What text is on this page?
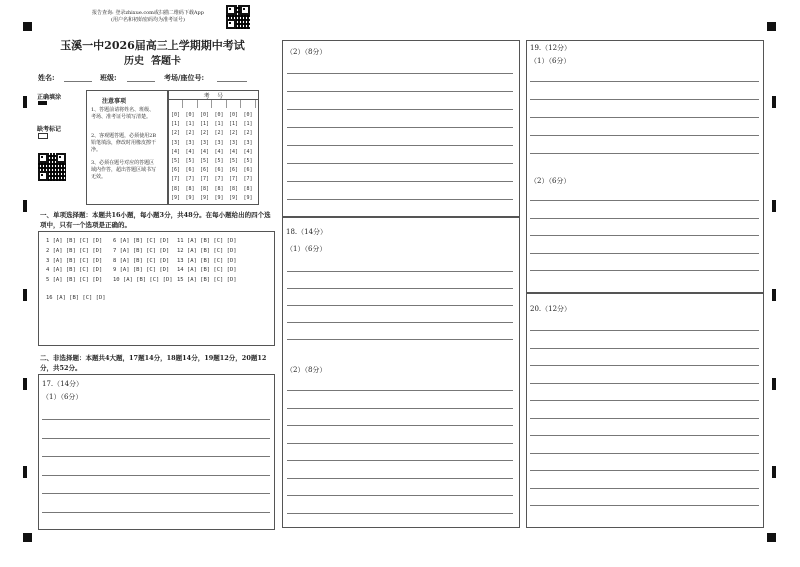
报告查询: 登录zhixue.com或扫描二维码下载App
(用户名和初始密码均为准考证号)
玉溪一中2026届高三上学期期中考试
历史  答题卡
姓名:	班级:	考场/座位号:
正确填涂
缺考标记
注意事项
1、答题前请将姓名、班级、考场、准考证号填写清楚。
2、客观题答题，必须使用2B铅笔填涂，修改时用橡皮擦干净。
3、必须在题号对应的答题区域内作答，超出答题区域书写无效。
考    号
[0]
[1]
[2]
[3]
[4]
[5]
[6]
[7]
[8]
[9]
[0]
[1]
[2]
[3]
[4]
[5]
[6]
[7]
[8]
[9]
[0]
[1]
[2]
[3]
[4]
[5]
[6]
[7]
[8]
[9]
[0]
[1]
[2]
[3]
[4]
[5]
[6]
[7]
[8]
[9]
[0]
[1]
[2]
[3]
[4]
[5]
[6]
[7]
[8]
[9]
[0]
[1]
[2]
[3]
[4]
[5]
[6]
[7]
[8]
[9]
一、单项选择题：本题共16小题，每小题3分，共48分。在每小题给出的四个选项中，只有一个选项是正确的。
1 [A] [B] [C] [D]
2 [A] [B] [C] [D]
3 [A] [B] [C] [D]
4 [A] [B] [C] [D]
5 [A] [B] [C] [D]
6 [A] [B] [C] [D]
7 [A] [B] [C] [D]
8 [A] [B] [C] [D]
9 [A] [B] [C] [D]
10 [A] [B] [C] [D]
11 [A] [B] [C] [D]
12 [A] [B] [C] [D]
13 [A] [B] [C] [D]
14 [A] [B] [C] [D]
15 [A] [B] [C] [D]
16 [A] [B] [C] [D]
二、非选择题：本题共4大题，17题14分，18题14分，19题12分，20题12分，共52分。
17.（14分）
（1）（6分）
（2）（8分）
18.（14分）
（1）（6分）
（2）（8分）
19.（12分）
（1）（6分）
（2）（6分）
20.（12分）
